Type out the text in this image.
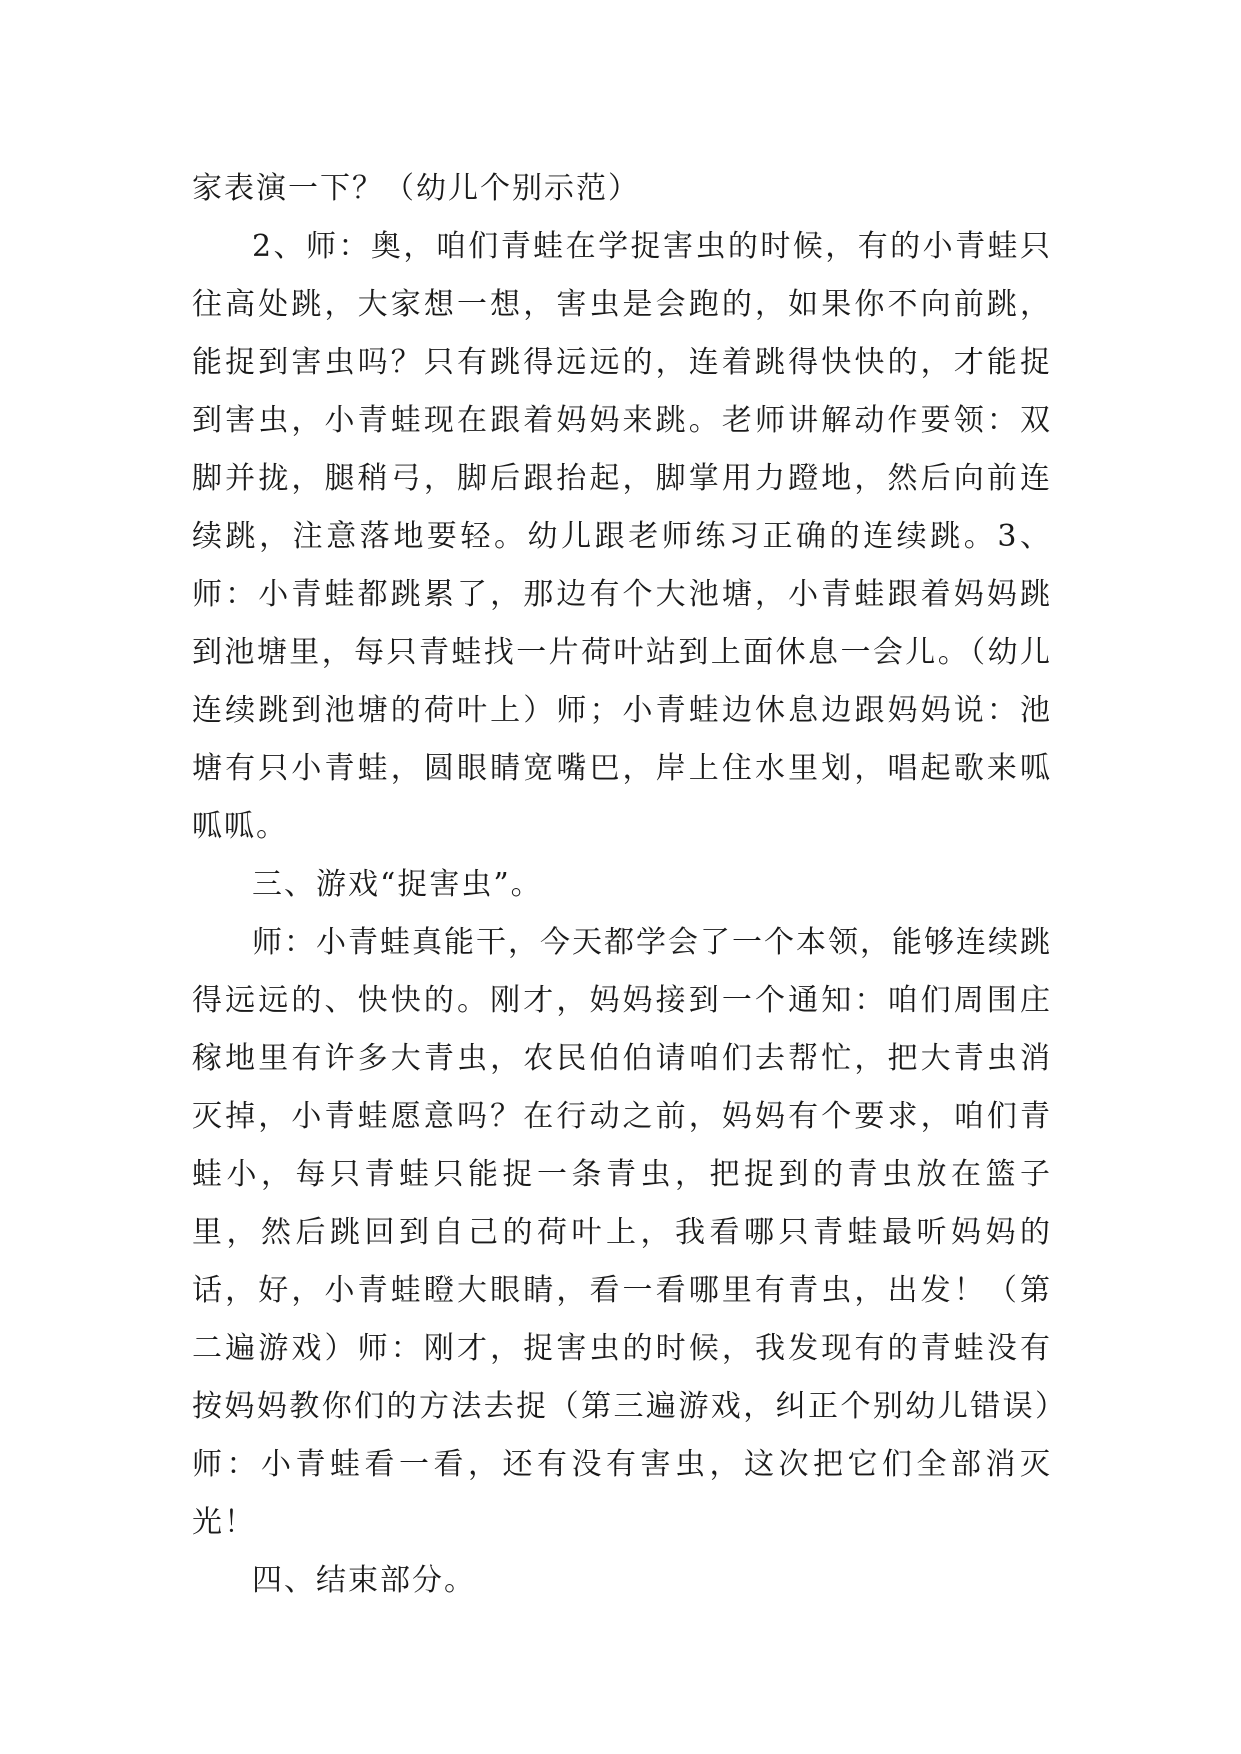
家表演一下？（幼儿个别示范）

2、师：奥，咱们青蛙在学捉害虫的时候，有的小青蛙只往高处跳，大家想一想，害虫是会跑的，如果你不向前跳，能捉到害虫吗？只有跳得远远的，连着跳得快快的，才能捉到害虫，小青蛙现在跟着妈妈来跳。老师讲解动作要领：双脚并拢，腿稍弓，脚后跟抬起，脚掌用力蹬地，然后向前连续跳，注意落地要轻。幼儿跟老师练习正确的连续跳。3、师：小青蛙都跳累了，那边有个大池塘，小青蛙跟着妈妈跳到池塘里，每只青蛙找一片荷叶站到上面休息一会儿。（幼儿连续跳到池塘的荷叶上）师；小青蛙边休息边跟妈妈说：池塘有只小青蛙，圆眼睛宽嘴巴，岸上住水里划，唱起歌来呱呱呱。

三、游戏“捉害虫”。

师：小青蛙真能干，今天都学会了一个本领，能够连续跳得远远的、快快的。刚才，妈妈接到一个通知：咱们周围庄稼地里有许多大青虫，农民伯伯请咱们去帮忙，把大青虫消灭掉，小青蛙愿意吗？在行动之前，妈妈有个要求，咱们青蛙小，每只青蛙只能捉一条青虫，把捉到的青虫放在篮子里，然后跳回到自己的荷叶上，我看哪只青蛙最听妈妈的话，好，小青蛙瞪大眼睛，看一看哪里有青虫，出发！（第二遍游戏）师：刚才，捉害虫的时候，我发现有的青蛙没有按妈妈教你们的方法去捉（第三遍游戏，纠正个别幼儿错误）师：小青蛙看一看，还有没有害虫，这次把它们全部消灭光！

四、结束部分。
